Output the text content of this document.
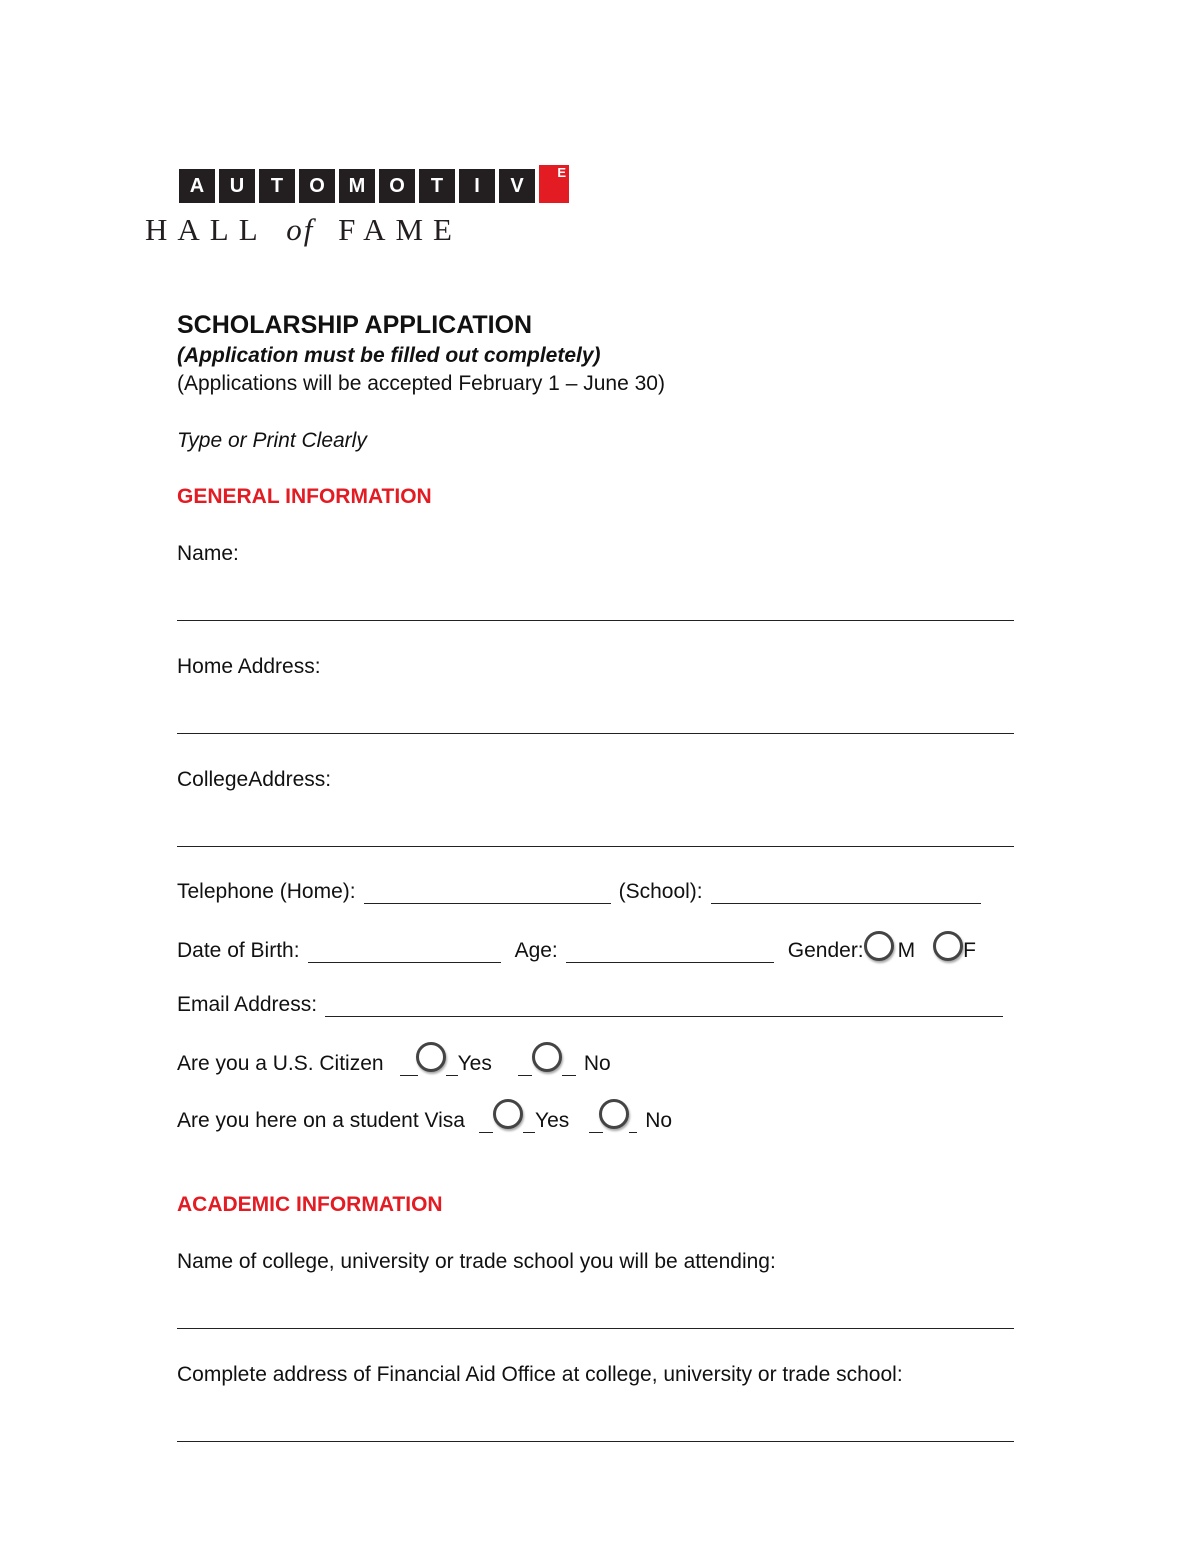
A	U	T	O	M	O	T	I	V
E
HALL of FAME
SCHOLARSHIP APPLICATION
(Application must be filled out completely)
(Applications will be accepted February 1 – June 30)
Type or Print Clearly
GENERAL INFORMATION
Name:
Home Address:
CollegeAddress:
Telephone (Home):	(School):
Date of Birth:	Age:	Gender: M F
Email Address:
Are you a U.S. Citizen	Yes	No
Are you here on a student Visa	Yes	No
ACADEMIC INFORMATION
Name of college, university or trade school you will be attending:
Complete address of Financial Aid Office at college, university or trade school:
